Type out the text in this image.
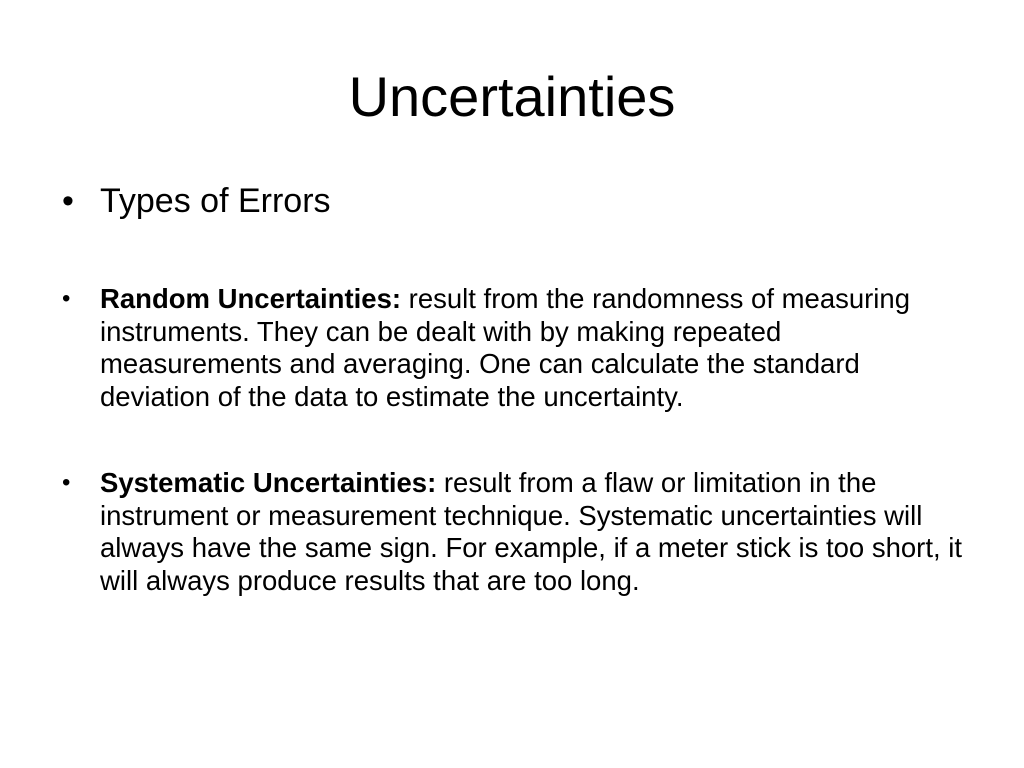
Uncertainties
• Types of Errors
•	Random Uncertainties: result from the randomness of measuring instruments. They can be dealt with by making repeated measurements and averaging. One can calculate the standard deviation of the data to estimate the uncertainty.
•	Systematic Uncertainties: result from a flaw or limitation in the instrument or measurement technique. Systematic uncertainties will always have the same sign. For example, if a meter stick is too short, it will always produce results that are too long.
